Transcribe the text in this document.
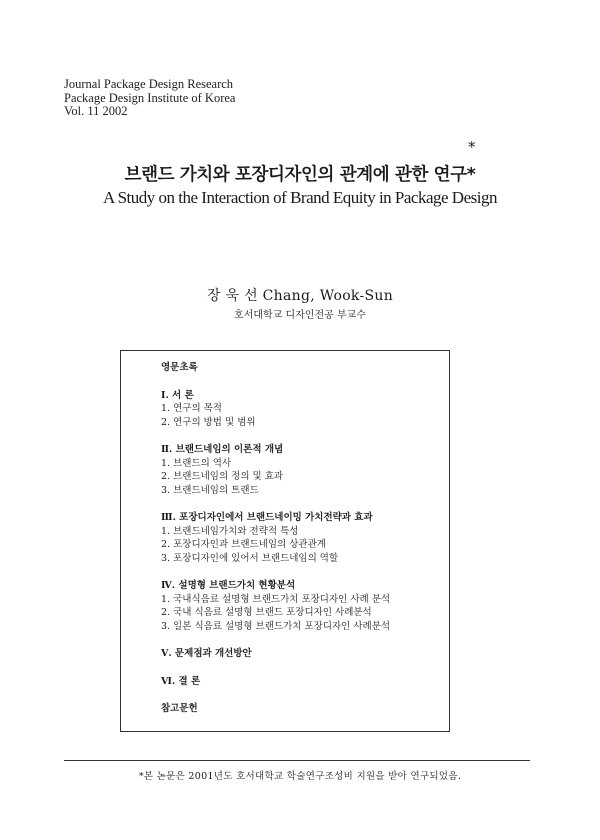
Journal Package Design Research
Package Design Institute of Korea
Vol. 11 2002
*
브랜드 가치와 포장디자인의 관계에 관한 연구*
A Study on the Interaction of Brand Equity in Package Design
장 욱 선 Chang, Wook-Sun
호서대학교 디자인전공 부교수
영문초록
Ⅰ. 서 론
1. 연구의 목적
2. 연구의 방법 및 범위
Ⅱ. 브랜드네임의 이론적 개념
1. 브랜드의 역사
2. 브랜드네임의 정의 및 효과
3. 브랜드네임의 트랜드
Ⅲ. 포장디자인에서 브랜드네이밍 가치전략과 효과
1. 브랜드네임가치와 전략적 특성
2. 포장디자인과 브랜드네임의 상관관계
3. 포장디자인에 있어서 브랜드네임의 역할
Ⅳ. 설명형 브랜드가치 현황분석
1. 국내식음료 설명형 브랜드가치 포장디자인 사례 분석
2. 국내 식음료 설명형 브랜드 포장디자인 사례분석
3. 일본 식음료 설명형 브랜드가치 포장디자인 사례분석
Ⅴ. 문제점과 개선방안
Ⅵ. 결 론
참고문헌
*본 논문은 2001년도 호서대학교 학술연구조성비 지원을 받아 연구되었음.
